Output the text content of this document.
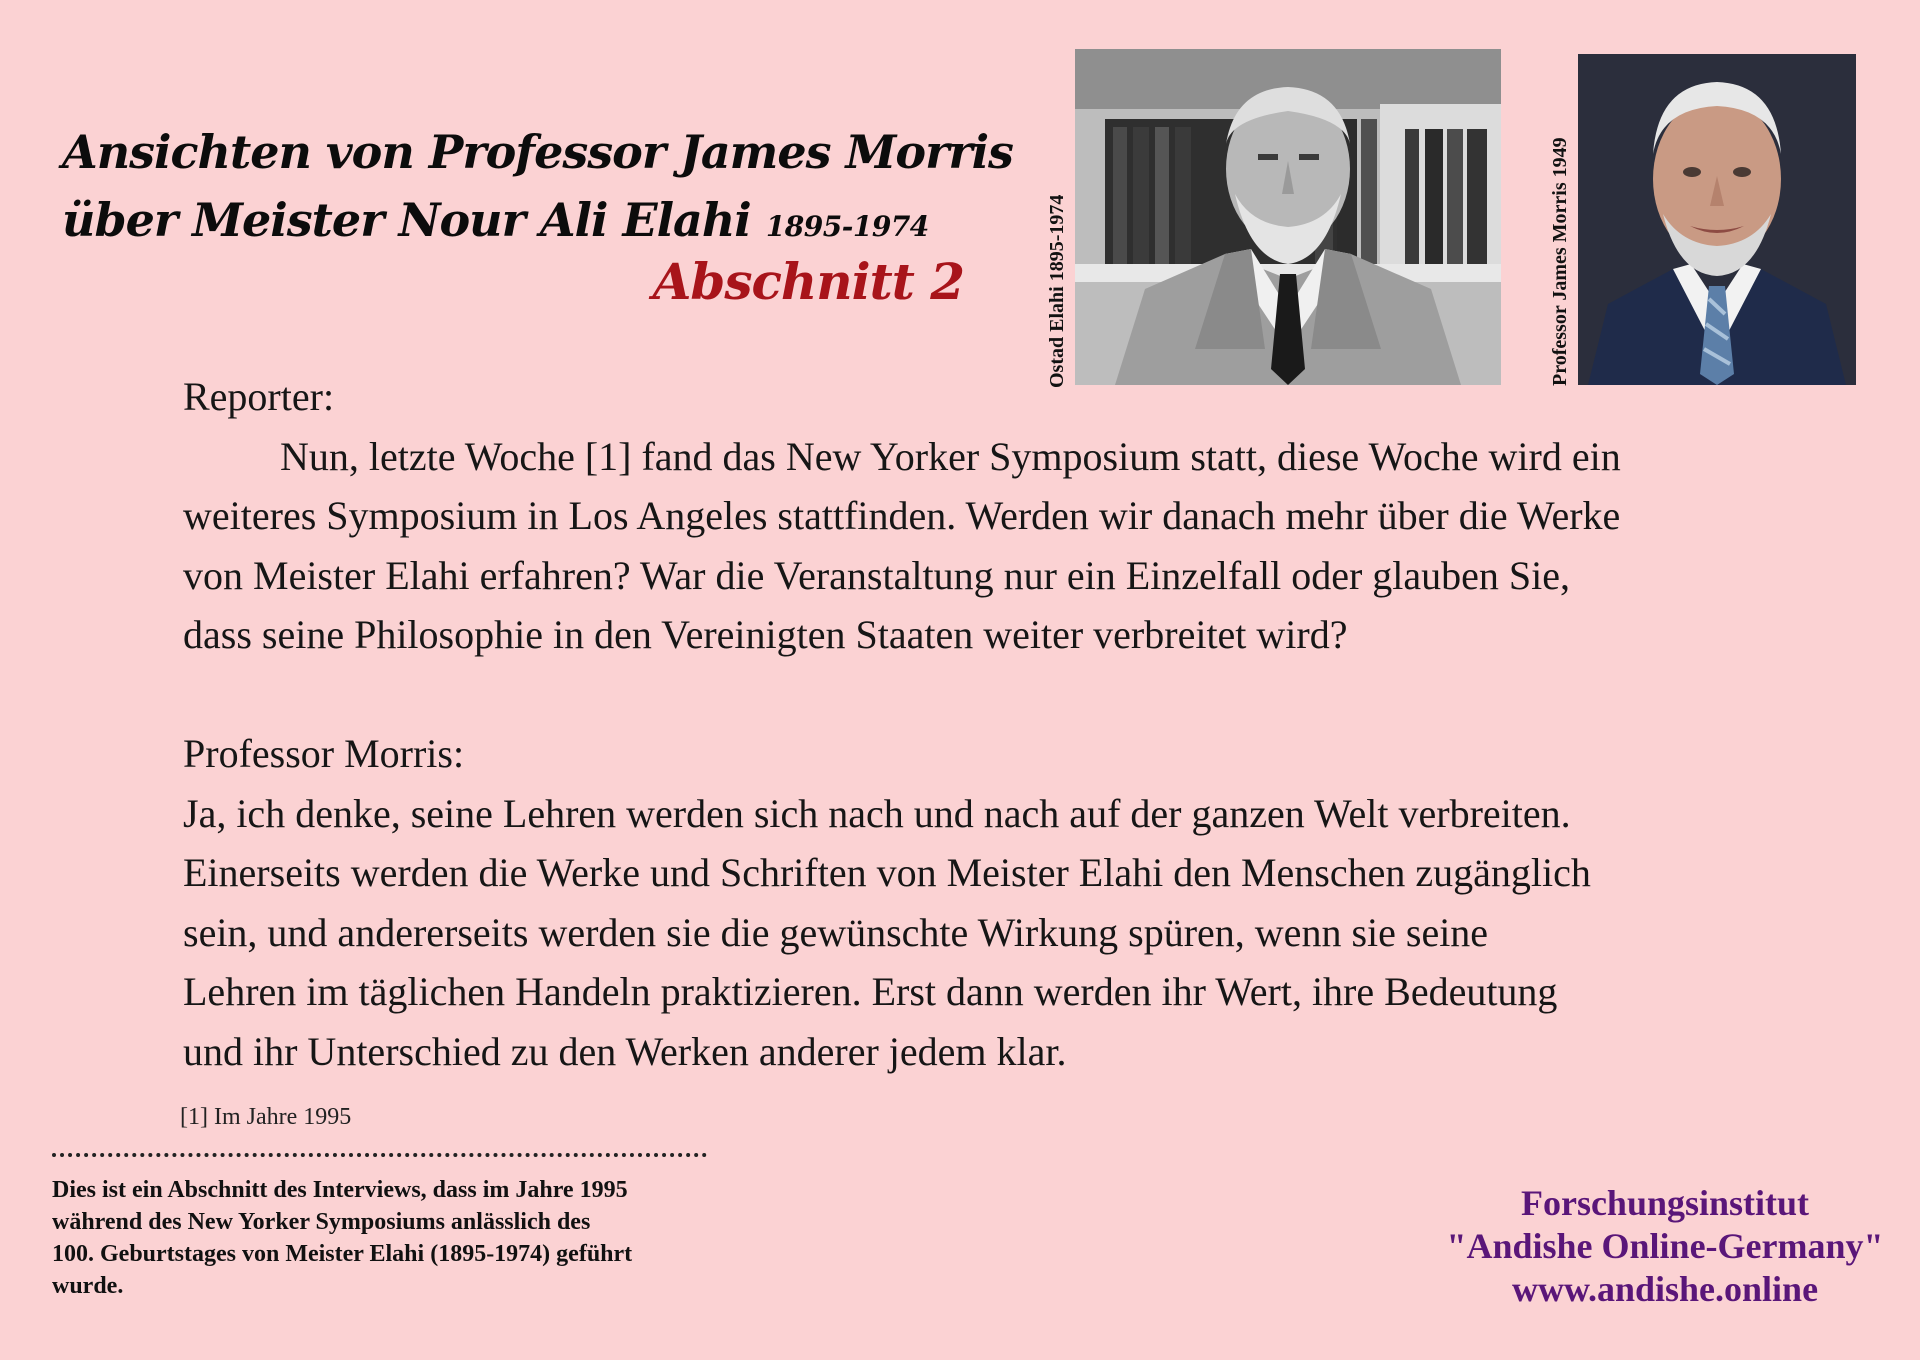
Ansichten von Professor James Morris
über Meister Nour Ali Elahi 1895-1974
Abschnitt 2	Ostad Elahi 1895-1974	Professor James Morris 1949

Reporter:

Nun, letzte Woche [1] fand das New Yorker Symposium statt, diese Woche wird ein

weiteres Symposium in Los Angeles stattfinden. Werden wir danach mehr über die Werke

von Meister Elahi erfahren? War die Veranstaltung nur ein Einzelfall oder glauben Sie,

dass seine Philosophie in den Vereinigten Staaten weiter verbreitet wird?

Professor Morris:

Ja, ich denke, seine Lehren werden sich nach und nach auf der ganzen Welt verbreiten.

Einerseits werden die Werke und Schriften von Meister Elahi den Menschen zugänglich

sein, und andererseits werden sie die gewünschte Wirkung spüren, wenn sie seine

Lehren im täglichen Handeln praktizieren. Erst dann werden ihr Wert, ihre Bedeutung

und ihr Unterschied zu den Werken anderer jedem klar.

[1] Im Jahre 1995
Dies ist ein Abschnitt des Interviews, dass im Jahre 1995
während des New Yorker Symposiums anlässlich des
100. Geburtstages von Meister Elahi (1895-1974) geführt
wurde.
Forschungsinstitut
"Andishe Online-Germany"
www.andishe.online
